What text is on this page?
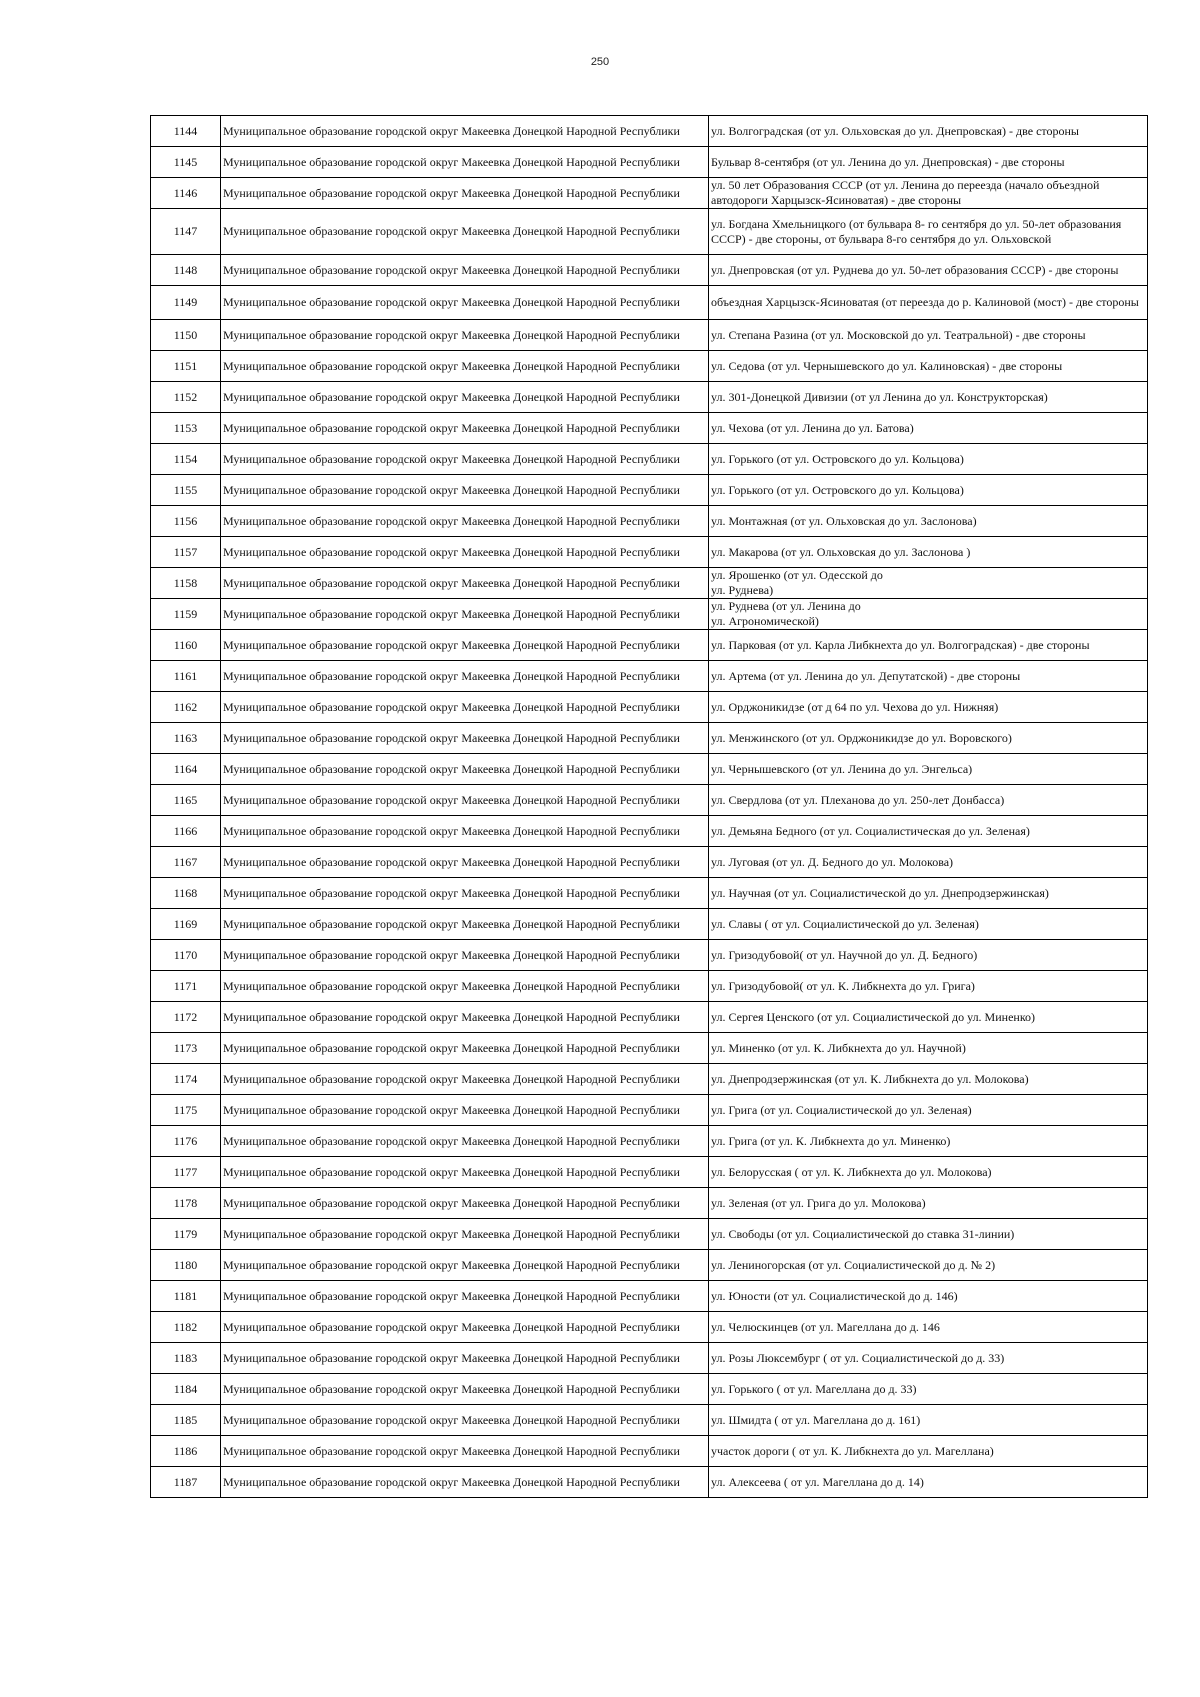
250
1144	Муниципальное образование городской округ Макеевка Донецкой Народной Республики	ул. Волгоградская (от ул. Ольховская до ул. Днепровская) - две стороны
1145	Муниципальное образование городской округ Макеевка Донецкой Народной Республики	Бульвар 8-сентября (от ул. Ленина до ул. Днепровская) - две стороны
1146	Муниципальное образование городской округ Макеевка Донецкой Народной Республики	ул. 50 лет Образования СССР (от ул. Ленина до переезда (начало объездной автодороги Харцызск-Ясиноватая) - две стороны
1147	Муниципальное образование городской округ Макеевка Донецкой Народной Республики	ул. Богдана Хмельницкого (от бульвара 8- го сентября до ул. 50-лет образования СССР) - две стороны, от бульвара 8-го сентября до ул. Ольховской
1148	Муниципальное образование городской округ Макеевка Донецкой Народной Республики	ул. Днепровская (от ул. Руднева до ул. 50-лет образования СССР) - две стороны
1149	Муниципальное образование городской округ Макеевка Донецкой Народной Республики	объездная Харцызск-Ясиноватая (от переезда до р. Калиновой (мост) - две стороны
1150	Муниципальное образование городской округ Макеевка Донецкой Народной Республики	ул. Степана Разина (от ул. Московской до ул. Театральной) - две стороны
1151	Муниципальное образование городской округ Макеевка Донецкой Народной Республики	ул. Седова (от ул. Чернышевского до ул. Калиновская) - две стороны
1152	Муниципальное образование городской округ Макеевка Донецкой Народной Республики	ул. 301-Донецкой Дивизии (от ул Ленина до ул. Конструкторская)
1153	Муниципальное образование городской округ Макеевка Донецкой Народной Республики	ул. Чехова (от ул. Ленина до ул. Батова)
1154	Муниципальное образование городской округ Макеевка Донецкой Народной Республики	ул. Горького (от ул. Островского до ул. Кольцова)
1155	Муниципальное образование городской округ Макеевка Донецкой Народной Республики	ул. Горького (от ул. Островского до ул. Кольцова)
1156	Муниципальное образование городской округ Макеевка Донецкой Народной Республики	ул. Монтажная (от ул. Ольховская до ул. Заслонова)
1157	Муниципальное образование городской округ Макеевка Донецкой Народной Республики	ул. Макарова (от ул. Ольховская до ул. Заслонова )
1158	Муниципальное образование городской округ Макеевка Донецкой Народной Республики	ул. Ярошенко (от ул. Одесской до
ул. Руднева)
1159	Муниципальное образование городской округ Макеевка Донецкой Народной Республики	ул. Руднева (от ул. Ленина до
ул. Агрономической)
1160	Муниципальное образование городской округ Макеевка Донецкой Народной Республики	ул. Парковая (от ул. Карла Либкнехта до ул. Волгоградская) - две стороны
1161	Муниципальное образование городской округ Макеевка Донецкой Народной Республики	ул. Артема (от ул. Ленина до ул. Депутатской) - две стороны
1162	Муниципальное образование городской округ Макеевка Донецкой Народной Республики	ул. Орджоникидзе (от д 64 по ул. Чехова до ул. Нижняя)
1163	Муниципальное образование городской округ Макеевка Донецкой Народной Республики	ул. Менжинского (от ул. Орджоникидзе до ул. Воровского)
1164	Муниципальное образование городской округ Макеевка Донецкой Народной Республики	ул. Чернышевского (от ул. Ленина до ул. Энгельса)
1165	Муниципальное образование городской округ Макеевка Донецкой Народной Республики	ул. Свердлова (от ул. Плеханова до ул. 250-лет Донбасса)
1166	Муниципальное образование городской округ Макеевка Донецкой Народной Республики	ул. Демьяна Бедного (от ул. Социалистическая до ул. Зеленая)
1167	Муниципальное образование городской округ Макеевка Донецкой Народной Республики	ул. Луговая (от ул. Д. Бедного до ул. Молокова)
1168	Муниципальное образование городской округ Макеевка Донецкой Народной Республики	ул. Научная (от ул. Социалистической до ул. Днепродзержинская)
1169	Муниципальное образование городской округ Макеевка Донецкой Народной Республики	ул. Славы ( от ул. Социалистической до ул. Зеленая)
1170	Муниципальное образование городской округ Макеевка Донецкой Народной Республики	ул. Гризодубовой( от ул. Научной до ул. Д. Бедного)
1171	Муниципальное образование городской округ Макеевка Донецкой Народной Республики	ул. Гризодубовой( от ул. К. Либкнехта до ул. Грига)
1172	Муниципальное образование городской округ Макеевка Донецкой Народной Республики	ул. Сергея Ценского (от ул. Социалистической до ул. Миненко)
1173	Муниципальное образование городской округ Макеевка Донецкой Народной Республики	ул. Миненко (от ул. К. Либкнехта до ул. Научной)
1174	Муниципальное образование городской округ Макеевка Донецкой Народной Республики	ул. Днепродзержинская (от ул. К. Либкнехта до ул. Молокова)
1175	Муниципальное образование городской округ Макеевка Донецкой Народной Республики	ул. Грига (от ул. Социалистической до ул. Зеленая)
1176	Муниципальное образование городской округ Макеевка Донецкой Народной Республики	ул. Грига (от ул. К. Либкнехта до ул. Миненко)
1177	Муниципальное образование городской округ Макеевка Донецкой Народной Республики	ул. Белорусская ( от ул. К. Либкнехта до ул. Молокова)
1178	Муниципальное образование городской округ Макеевка Донецкой Народной Республики	ул. Зеленая (от ул. Грига до ул. Молокова)
1179	Муниципальное образование городской округ Макеевка Донецкой Народной Республики	ул. Свободы (от ул. Социалистической до ставка 31-линии)
1180	Муниципальное образование городской округ Макеевка Донецкой Народной Республики	ул. Лениногорская (от ул. Социалистической до д. № 2)
1181	Муниципальное образование городской округ Макеевка Донецкой Народной Республики	ул. Юности (от ул. Социалистической до д. 146)
1182	Муниципальное образование городской округ Макеевка Донецкой Народной Республики	ул. Челюскинцев (от ул. Магеллана до д. 146
1183	Муниципальное образование городской округ Макеевка Донецкой Народной Республики	ул. Розы Люксембург ( от ул. Социалистической до д. 33)
1184	Муниципальное образование городской округ Макеевка Донецкой Народной Республики	ул. Горького ( от ул. Магеллана до д. 33)
1185	Муниципальное образование городской округ Макеевка Донецкой Народной Республики	ул. Шмидта ( от ул. Магеллана до д. 161)
1186	Муниципальное образование городской округ Макеевка Донецкой Народной Республики	участок дороги ( от ул. К. Либкнехта до ул. Магеллана)
1187	Муниципальное образование городской округ Макеевка Донецкой Народной Республики	ул. Алексеева ( от ул. Магеллана до д. 14)
